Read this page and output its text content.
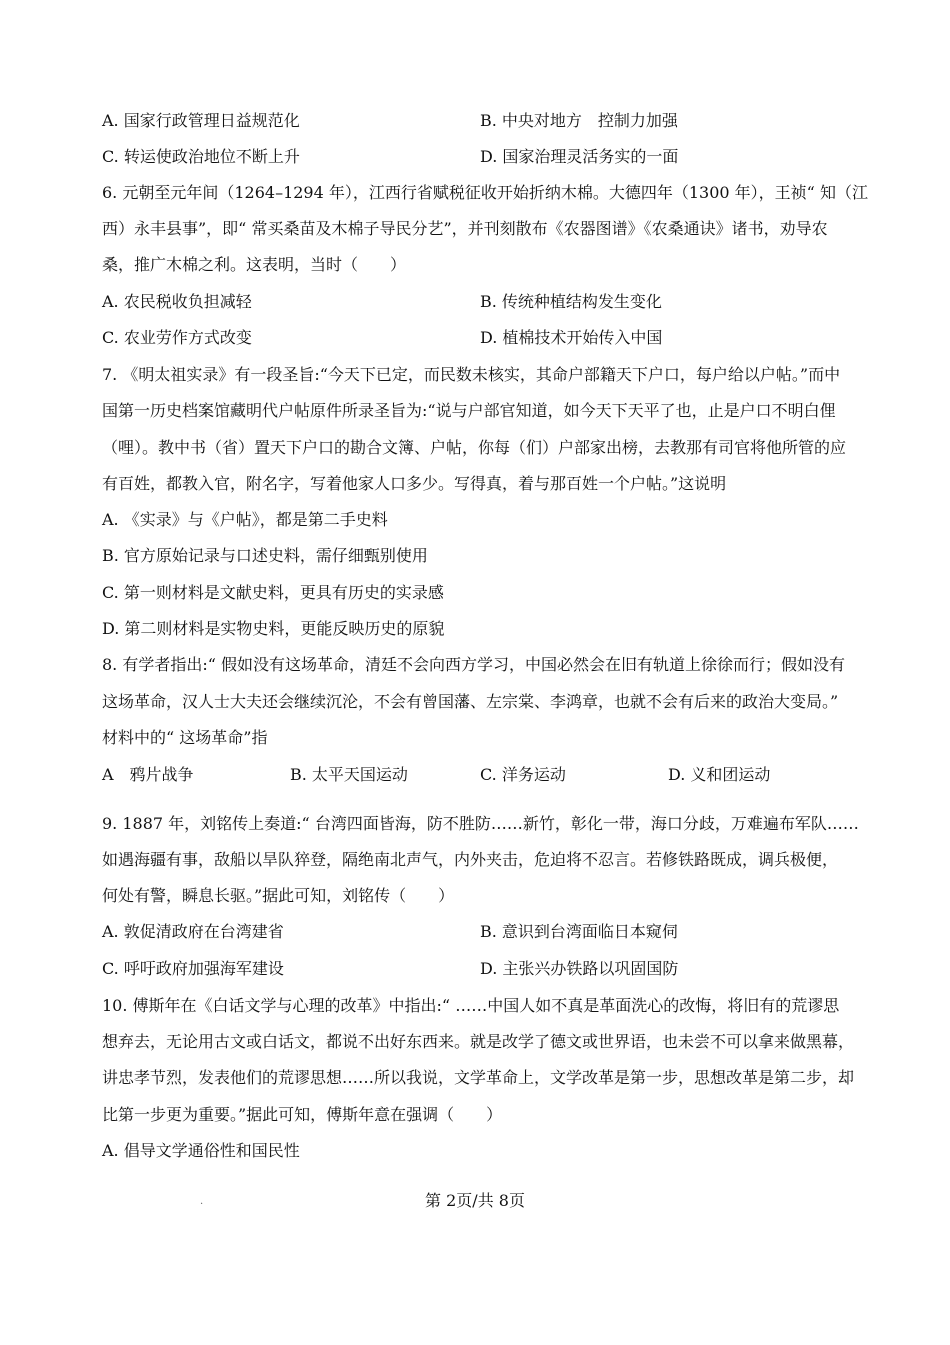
A. 国家行政管理日益规范化	B. 中央对地方　控制力加强
C. 转运使政治地位不断上升	D. 国家治理灵活务实的一面
6. 元朝至元年间（1264–1294 年），江西行省赋税征收开始折纳木棉。大德四年（1300 年），王祯“ 知（江
西）永丰县事”，即“ 常买桑苗及木棉子导民分艺”，并刊刻散布《农器图谱》《农桑通诀》诸书，劝导农
桑，推广木棉之利。这表明，当时（　　）
A. 农民税收负担减轻	B. 传统种植结构发生变化
C. 农业劳作方式改变	D. 植棉技术开始传入中国
7. 《明太祖实录》有一段圣旨:“今天下已定，而民数未核实，其命户部籍天下户口，每户给以户帖。”而中
国第一历史档案馆藏明代户帖原件所录圣旨为:“说与户部官知道，如今天下天平了也，止是户口不明白俚
（哩）。教中书（省）置天下户口的勘合文簿、户帖，你每（们）户部家出榜，去教那有司官将他所管的应
有百姓，都教入官，附名字，写着他家人口多少。写得真，着与那百姓一个户帖。”这说明
A. 《实录》与《户帖》，都是第二手史料
B. 官方原始记录与口述史料，需仔细甄别使用
C. 第一则材料是文献史料，更具有历史的实录感
D. 第二则材料是实物史料，更能反映历史的原貌
8. 有学者指出:“ 假如没有这场革命，清廷不会向西方学习，中国必然会在旧有轨道上徐徐而行；假如没有
这场革命，汉人士大夫还会继续沉沦，不会有曾国藩、左宗棠、李鸿章，也就不会有后来的政治大变局。”
材料中的“ 这场革命”指
A　鸦片战争	B. 太平天国运动	C. 洋务运动	D. 义和团运动
9. 1887 年，刘铭传上奏道:“ 台湾四面皆海，防不胜防……新竹，彰化一带，海口分歧，万难遍布军队……
如遇海疆有事，敌船以旱队猝登，隔绝南北声气，内外夹击，危迫将不忍言。若修铁路既成，调兵极便，
何处有警，瞬息长驱。”据此可知，刘铭传（　　）
A. 敦促清政府在台湾建省	B. 意识到台湾面临日本窥伺
C. 呼吁政府加强海军建设	D. 主张兴办铁路以巩固国防
10. 傅斯年在《白话文学与心理的改革》中指出:“ ……中国人如不真是革面洗心的改悔，将旧有的荒谬思
想弃去，无论用古文或白话文，都说不出好东西来。就是改学了德文或世界语，也未尝不可以拿来做黑幕，
讲忠孝节烈，发表他们的荒谬思想……所以我说，文学革命上，文学改革是第一步，思想改革是第二步，却
比第一步更为重要。”据此可知，傅斯年意在强调（　　）
A. 倡导文学通俗性和国民性
.	第 2页/共 8页
